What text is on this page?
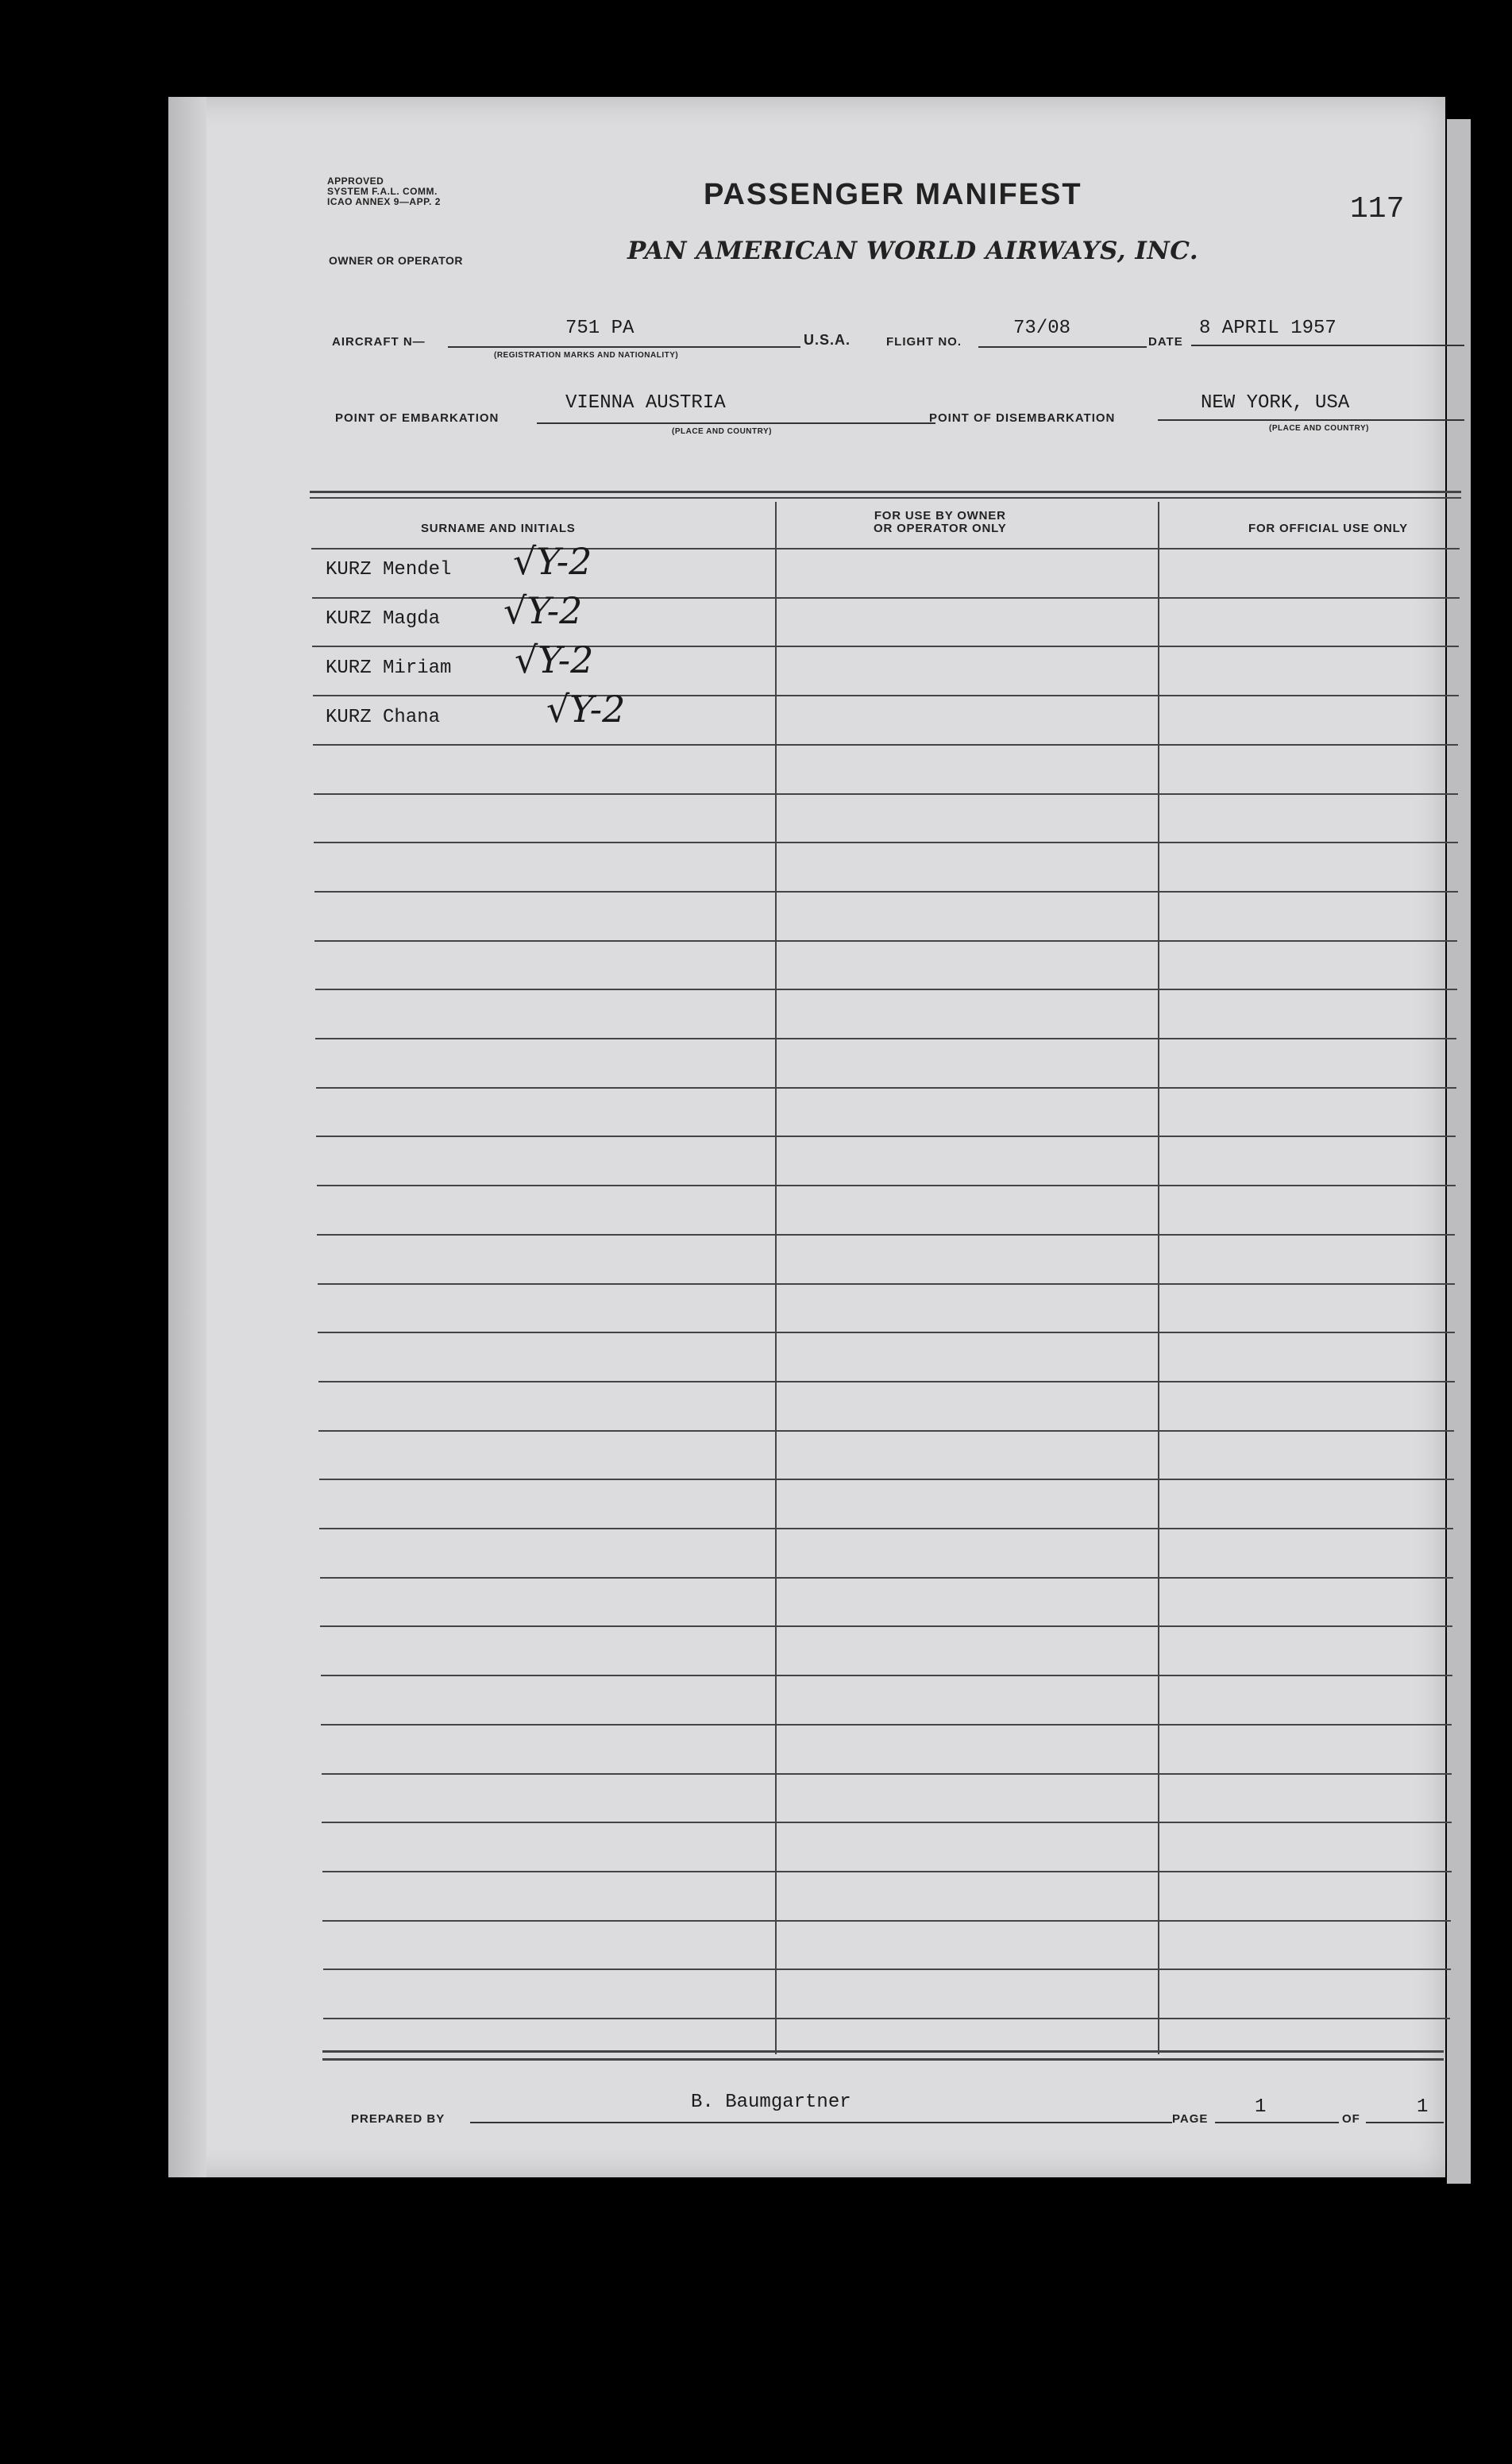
APPROVED
SYSTEM F.A.L. COMM.
ICAO ANNEX 9—APP. 2	PASSENGER MANIFEST	117
OWNER OR OPERATOR	PAN AMERICAN WORLD AIRWAYS, INC.
AIRCRAFT N—
751 PA
(REGISTRATION MARKS AND NATIONALITY)
U.S.A.	FLIGHT NO.
73/08
DATE
8 APRIL 1957
POINT OF EMBARKATION
VIENNA AUSTRIA
(PLACE AND COUNTRY)
POINT OF DISEMBARKATION
NEW YORK, USA
(PLACE AND COUNTRY)
SURNAME AND INITIALS
FOR USE BY OWNER
OR OPERATOR ONLY	FOR OFFICIAL USE ONLY
KURZ Mendel √Y-2
KURZ Magda √Y-2
KURZ Miriam √Y-2
KURZ Chana	√Y-2
PREPARED BY
B. Baumgartner
PAGE
1
OF
1
